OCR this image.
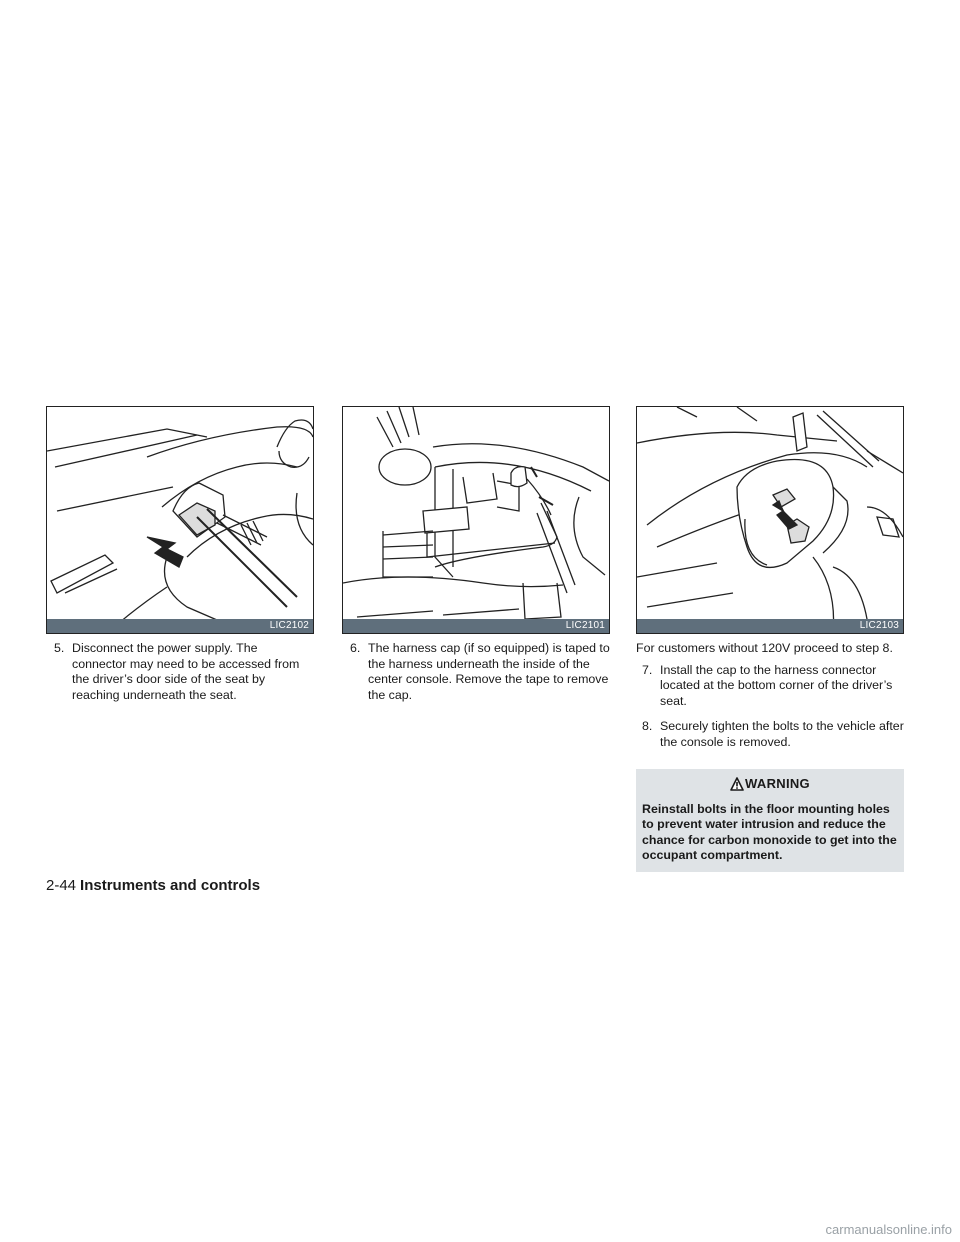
LIC2102
5. Disconnect the power supply. The connector may need to be accessed from the driver’s door side of the seat by reaching underneath the seat.
LIC2101
6. The harness cap (if so equipped) is taped to the harness underneath the inside of the center console. Remove the tape to remove the cap.
LIC2103
For customers without 120V proceed to step 8.
7. Install the cap to the harness connector located at the bottom corner of the driver’s seat.
8. Securely tighten the bolts to the vehicle after the console is removed.
WARNING
Reinstall bolts in the floor mounting holes to prevent water intrusion and reduce the chance for carbon monoxide to get into the occupant compartment.
2-44 Instruments and controls
carmanualsonline.info
